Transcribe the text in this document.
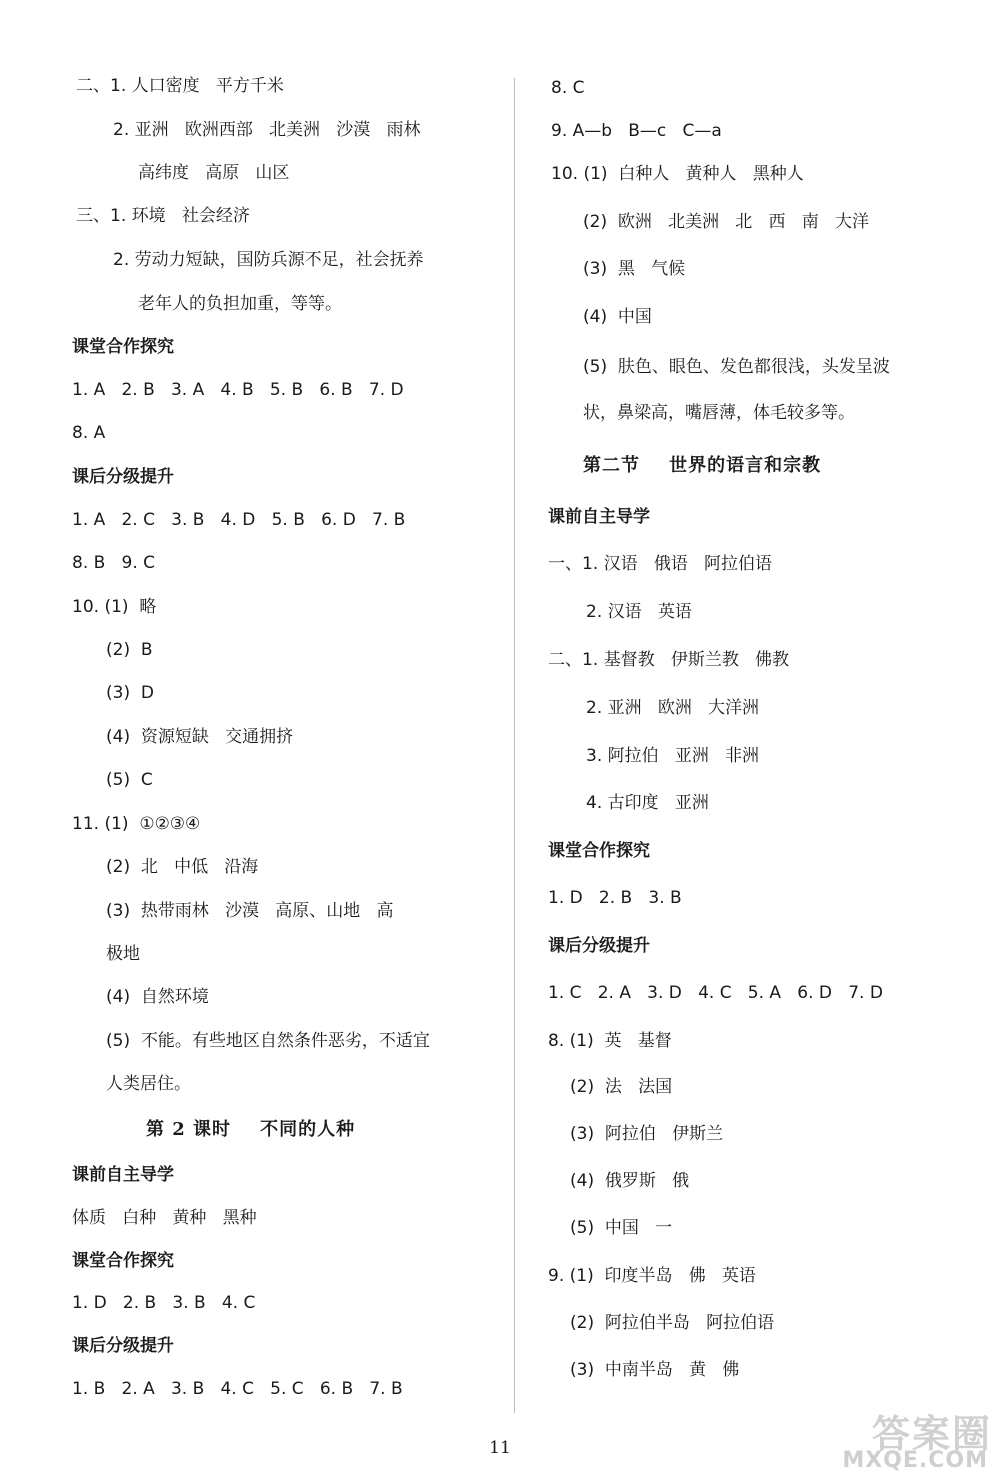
二、1. 人口密度   平方千米
2. 亚洲   欧洲西部   北美洲   沙漠   雨林
高纬度   高原   山区
三、1. 环境   社会经济
2. 劳动力短缺，国防兵源不足，社会抚养
老年人的负担加重，等等。
课堂合作探究
1. A   2. B   3. A   4. B   5. B   6. B   7. D
8. A
课后分级提升
1. A   2. C   3. B   4. D   5. B   6. D   7. B
8. B   9. C
10. (1)  略
(2)  B
(3)  D
(4)  资源短缺   交通拥挤
(5)  C
11. (1)  ①②③④
(2)  北   中低   沿海
(3)  热带雨林   沙漠   高原、山地   高
极地
(4)  自然环境
(5)  不能。有些地区自然条件恶劣，不适宜
人类居住。
第 2 课时    不同的人种
课前自主导学
体质   白种   黄种   黑种
课堂合作探究
1. D   2. B   3. B   4. C
课后分级提升
1. B   2. A   3. B   4. C   5. C   6. B   7. B
8. C
9. A—b   B—c   C—a
10. (1)  白种人   黄种人   黑种人
(2)  欧洲   北美洲   北   西   南   大洋
(3)  黑   气候
(4)  中国
(5)  肤色、眼色、发色都很浅，头发呈波
状，鼻梁高，嘴唇薄，体毛较多等。
第二节    世界的语言和宗教
课前自主导学
一、1. 汉语   俄语   阿拉伯语
2. 汉语   英语
二、1. 基督教   伊斯兰教   佛教
2. 亚洲   欧洲   大洋洲
3. 阿拉伯   亚洲   非洲
4. 古印度   亚洲
课堂合作探究
1. D   2. B   3. B
课后分级提升
1. C   2. A   3. D   4. C   5. A   6. D   7. D
8. (1)  英   基督
(2)  法   法国
(3)  阿拉伯   伊斯兰
(4)  俄罗斯   俄
(5)  中国   一
9. (1)  印度半岛   佛   英语
(2)  阿拉伯半岛   阿拉伯语
(3)  中南半岛   黄   佛
11	答案圈
MXQE.COM
